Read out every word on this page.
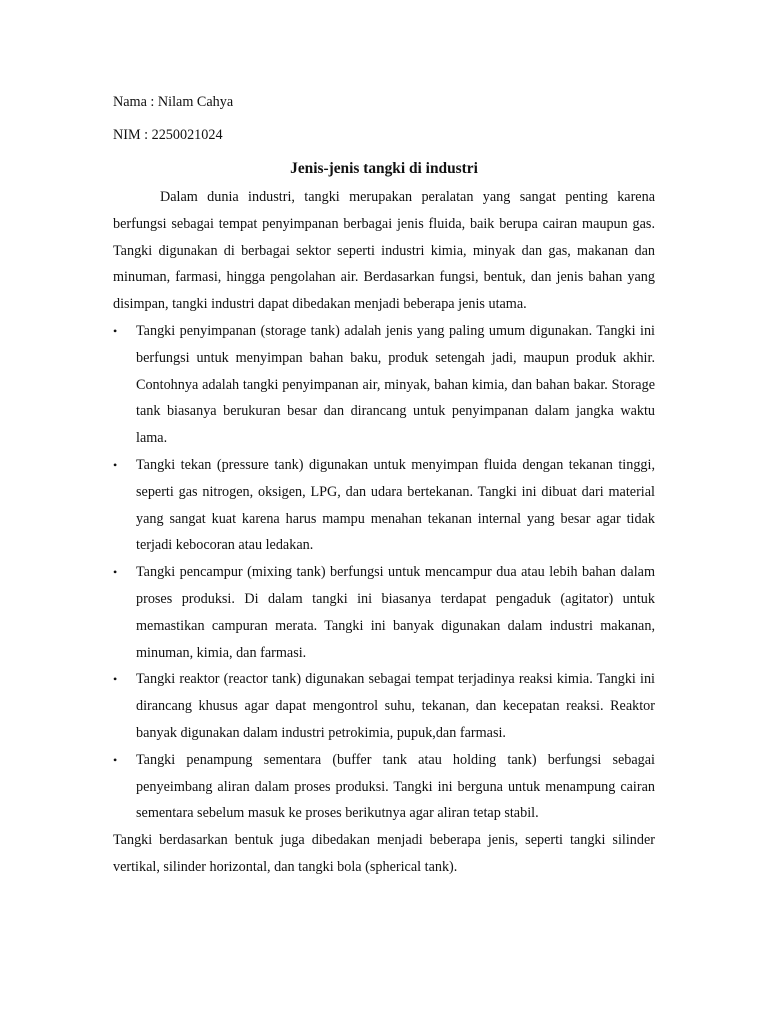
Nama : Nilam Cahya

NIM : 2250021024

Jenis-jenis tangki di industri

Dalam dunia industri, tangki merupakan peralatan yang sangat penting karena berfungsi sebagai tempat penyimpanan berbagai jenis fluida, baik berupa cairan maupun gas. Tangki digunakan di berbagai sektor seperti industri kimia, minyak dan gas, makanan dan minuman, farmasi, hingga pengolahan air. Berdasarkan fungsi, bentuk, dan jenis bahan yang disimpan, tangki industri dapat dibedakan menjadi beberapa jenis utama.

•	Tangki penyimpanan (storage tank) adalah jenis yang paling umum digunakan. Tangki ini berfungsi untuk menyimpan bahan baku, produk setengah jadi, maupun produk akhir. Contohnya adalah tangki penyimpanan air, minyak, bahan kimia, dan bahan bakar. Storage tank biasanya berukuran besar dan dirancang untuk penyimpanan dalam jangka waktu lama.
•	Tangki tekan (pressure tank) digunakan untuk menyimpan fluida dengan tekanan tinggi, seperti gas nitrogen, oksigen, LPG, dan udara bertekanan. Tangki ini dibuat dari material yang sangat kuat karena harus mampu menahan tekanan internal yang besar agar tidak terjadi kebocoran atau ledakan.
•	Tangki pencampur (mixing tank) berfungsi untuk mencampur dua atau lebih bahan dalam proses produksi. Di dalam tangki ini biasanya terdapat pengaduk (agitator) untuk memastikan campuran merata. Tangki ini banyak digunakan dalam industri makanan, minuman, kimia, dan farmasi.
•	Tangki reaktor (reactor tank) digunakan sebagai tempat terjadinya reaksi kimia. Tangki ini dirancang khusus agar dapat mengontrol suhu, tekanan, dan kecepatan reaksi. Reaktor banyak digunakan dalam industri petrokimia, pupuk,dan farmasi.
•	Tangki penampung sementara (buffer tank atau holding tank) berfungsi sebagai penyeimbang aliran dalam proses produksi. Tangki ini berguna untuk menampung cairan sementara sebelum masuk ke proses berikutnya agar aliran tetap stabil.

Tangki berdasarkan bentuk juga dibedakan menjadi beberapa jenis, seperti tangki silinder vertikal, silinder horizontal, dan tangki bola (spherical tank).
